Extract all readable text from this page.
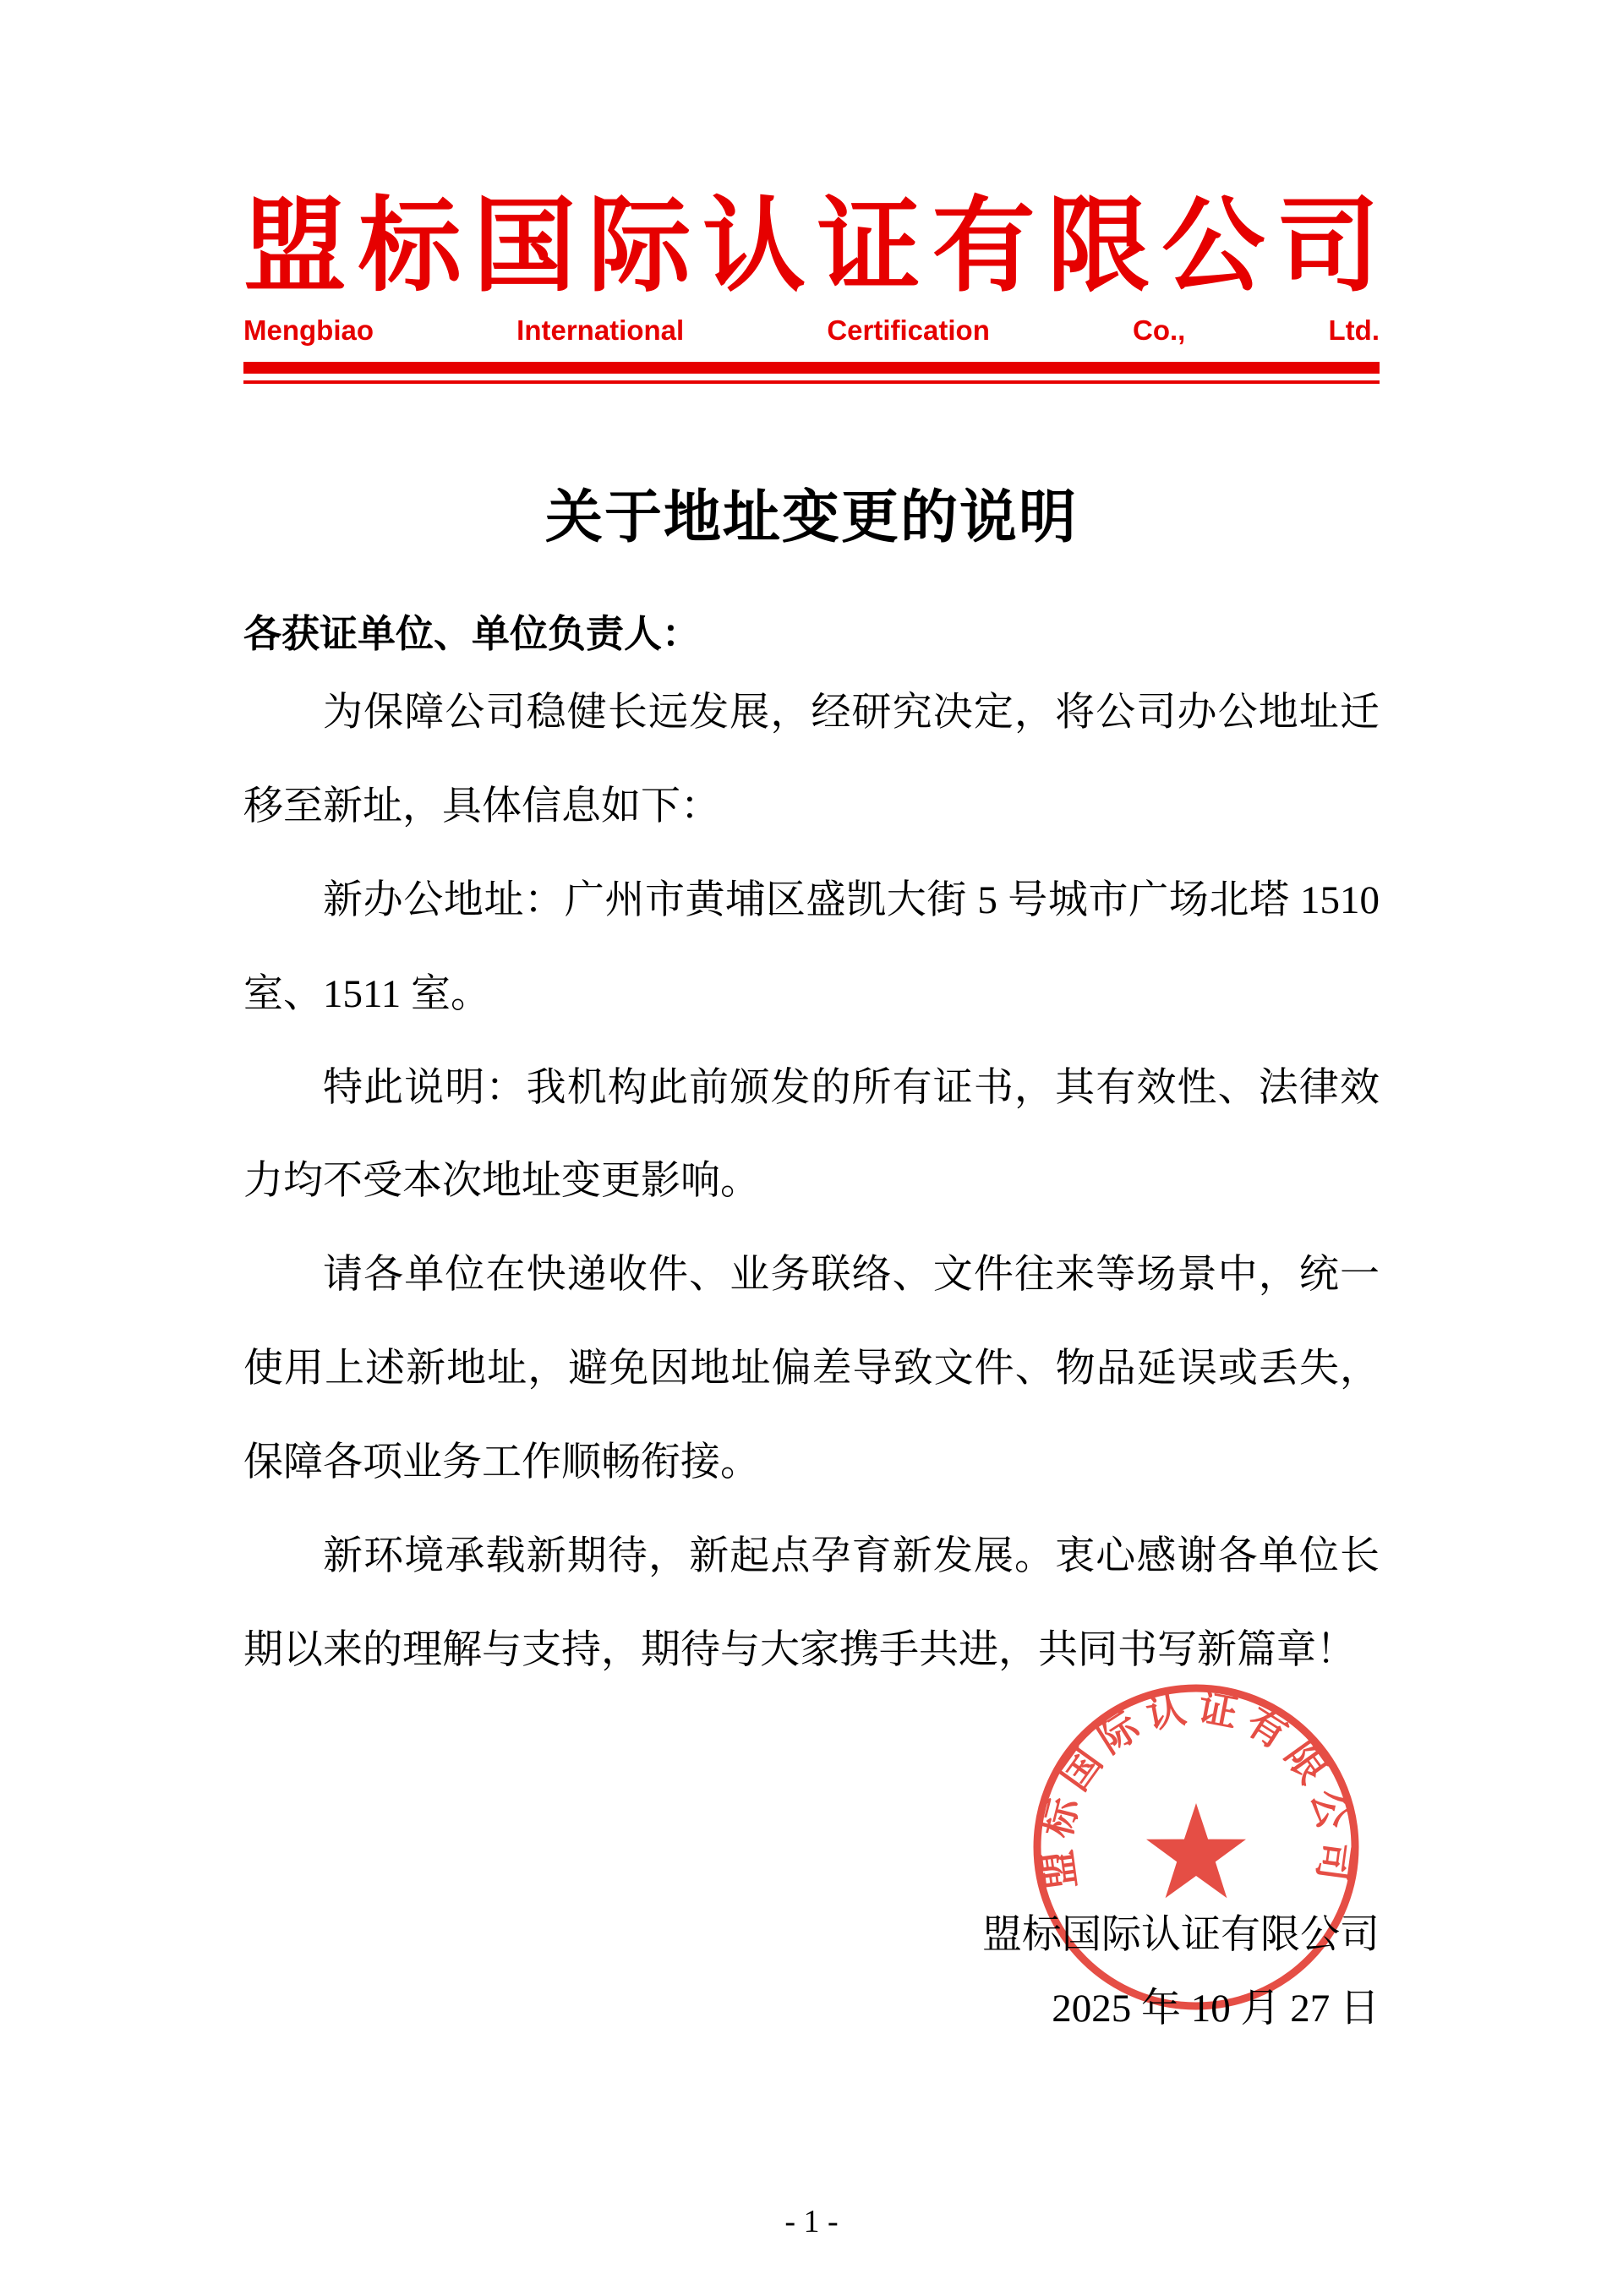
盟标国际认证有限公司
Mengbiao International Certification Co., Ltd.
关于地址变更的说明
各获证单位、单位负责人：

为保障公司稳健长远发展，经研究决定，将公司办公地址迁移至新址，具体信息如下：

新办公地址：广州市黄埔区盛凯大街 5 号城市广场北塔 1510 室、1511 室。

特此说明：我机构此前颁发的所有证书，其有效性、法律效力均不受本次地址变更影响。

请各单位在快递收件、业务联络、文件往来等场景中，统一使用上述新地址，避免因地址偏差导致文件、物品延误或丢失，保障各项业务工作顺畅衔接。

新环境承载新期待，新起点孕育新发展。衷心感谢各单位长期以来的理解与支持，期待与大家携手共进，共同书写新篇章！

盟标国际认证有限公司
2025 年 10 月 27 日
盟标国际认证有限公司
- 1 -
